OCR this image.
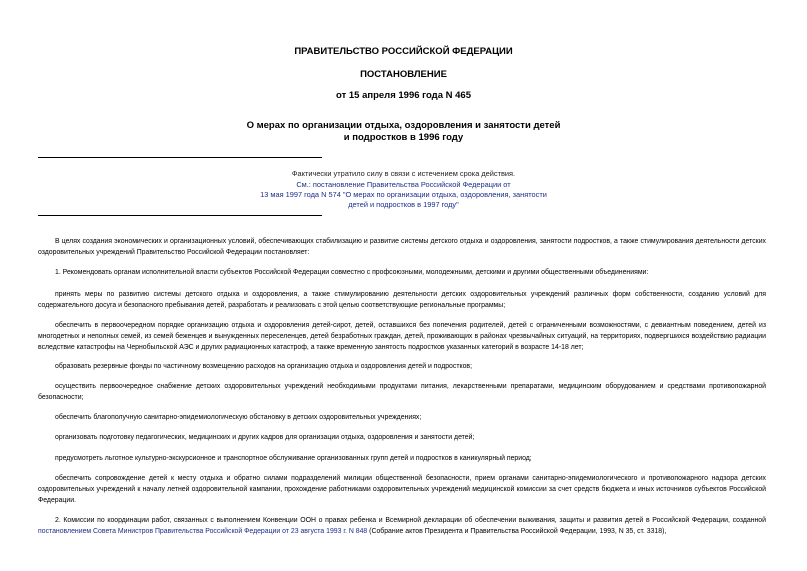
ПРАВИТЕЛЬСТВО РОССИЙСКОЙ ФЕДЕРАЦИИ
ПОСТАНОВЛЕНИЕ
от 15 апреля 1996 года N 465
О мерах по организации отдыха, оздоровления и занятости детей
и подростков в 1996 году
Фактически утратило силу в связи с истечением срока действия.
См.: постановление Правительства Российской Федерации от
13 мая 1997 года N 574 "О мерах по организации отдыха, оздоровления, занятости
детей и подростков в 1997 году"

В целях создания экономических и организационных условий, обеспечивающих стабилизацию и развитие системы детского отдыха и оздоровления, занятости подростков, а также стимулирования деятельности детских оздоровительных учреждений Правительство Российской Федерации постановляет:

1. Рекомендовать органам исполнительной власти субъектов Российской Федерации совместно с профсоюзными, молодежными, детскими и другими общественными объединениями:

принять меры по развитию системы детского отдыха и оздоровления, а также стимулированию деятельности детских оздоровительных учреждений различных форм собственности, созданию условий для содержательного досуга и безопасного пребывания детей, разработать и реализовать с этой целью соответствующие региональные программы;

обеспечить в первоочередном порядке организацию отдыха и оздоровления детей-сирот, детей, оставшихся без попечения родителей, детей с ограниченными возможностями, с девиантным поведением, детей из многодетных и неполных семей, из семей беженцев и вынужденных переселенцев, детей безработных граждан, детей, проживающих в районах чрезвычайных ситуаций, на территориях, подвергшихся воздействию радиации вследствие катастрофы на Чернобыльской АЭС и других радиационных катастроф, а также временную занятость подростков указанных категорий в возрасте 14-18 лет;

образовать резервные фонды по частичному возмещению расходов на организацию отдыха и оздоровления детей и подростков;

осуществить первоочередное снабжение детских оздоровительных учреждений необходимыми продуктами питания, лекарственными препаратами, медицинским оборудованием и средствами противопожарной безопасности;

обеспечить благополучную санитарно-эпидемиологическую обстановку в детских оздоровительных учреждениях;

организовать подготовку педагогических, медицинских и других кадров для организации отдыха, оздоровления и занятости детей;

предусмотреть льготное культурно-экскурсионное и транспортное обслуживание организованных групп детей и подростков в каникулярный период;

обеспечить сопровождение детей к месту отдыха и обратно силами подразделений милиции общественной безопасности, прием органами санитарно-эпидемиологического и противопожарного надзора детских оздоровительных учреждений к началу летней оздоровительной кампании, прохождение работниками оздоровительных учреждений медицинской комиссии за счет средств бюджета и иных источников субъектов Российской Федерации.

2. Комиссии по координации работ, связанных с выполнением Конвенции ООН о правах ребенка и Всемирной декларации об обеспечении выживания, защиты и развития детей в Российской Федерации, созданной постановлением Совета Министров Правительства Российской Федерации от 23 августа 1993 г. N 848 (Собрание актов Президента и Правительства Российской Федерации, 1993, N 35, ст. 3318),
